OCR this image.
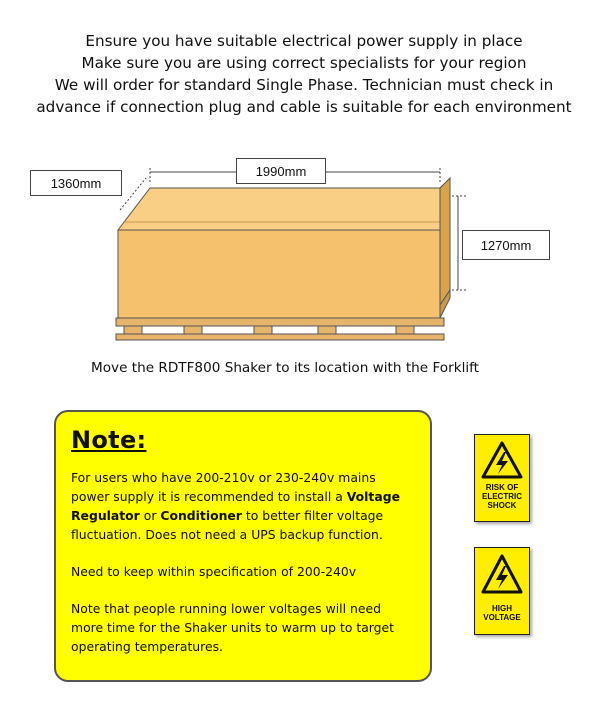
Ensure you have suitable electrical power supply in place
Make sure you are using correct specialists for your region
We will order for standard Single Phase. Technician must check in
advance if connection plug and cable is suitable for each environment
1990mm
1360mm
1270mm
Move the RDTF800 Shaker to its location with the Forklift
Note:

For users who have 200-210v or 230-240v mains power supply it is recommended to install a Voltage Regulator or Conditioner to better filter voltage fluctuation. Does not need a UPS backup function.

Need to keep within specification of 200-240v

Note that people running lower voltages will need more time for the Shaker units to warm up to target operating temperatures.

RISK OF
ELECTRIC
SHOCK
HIGH
VOLTAGE
